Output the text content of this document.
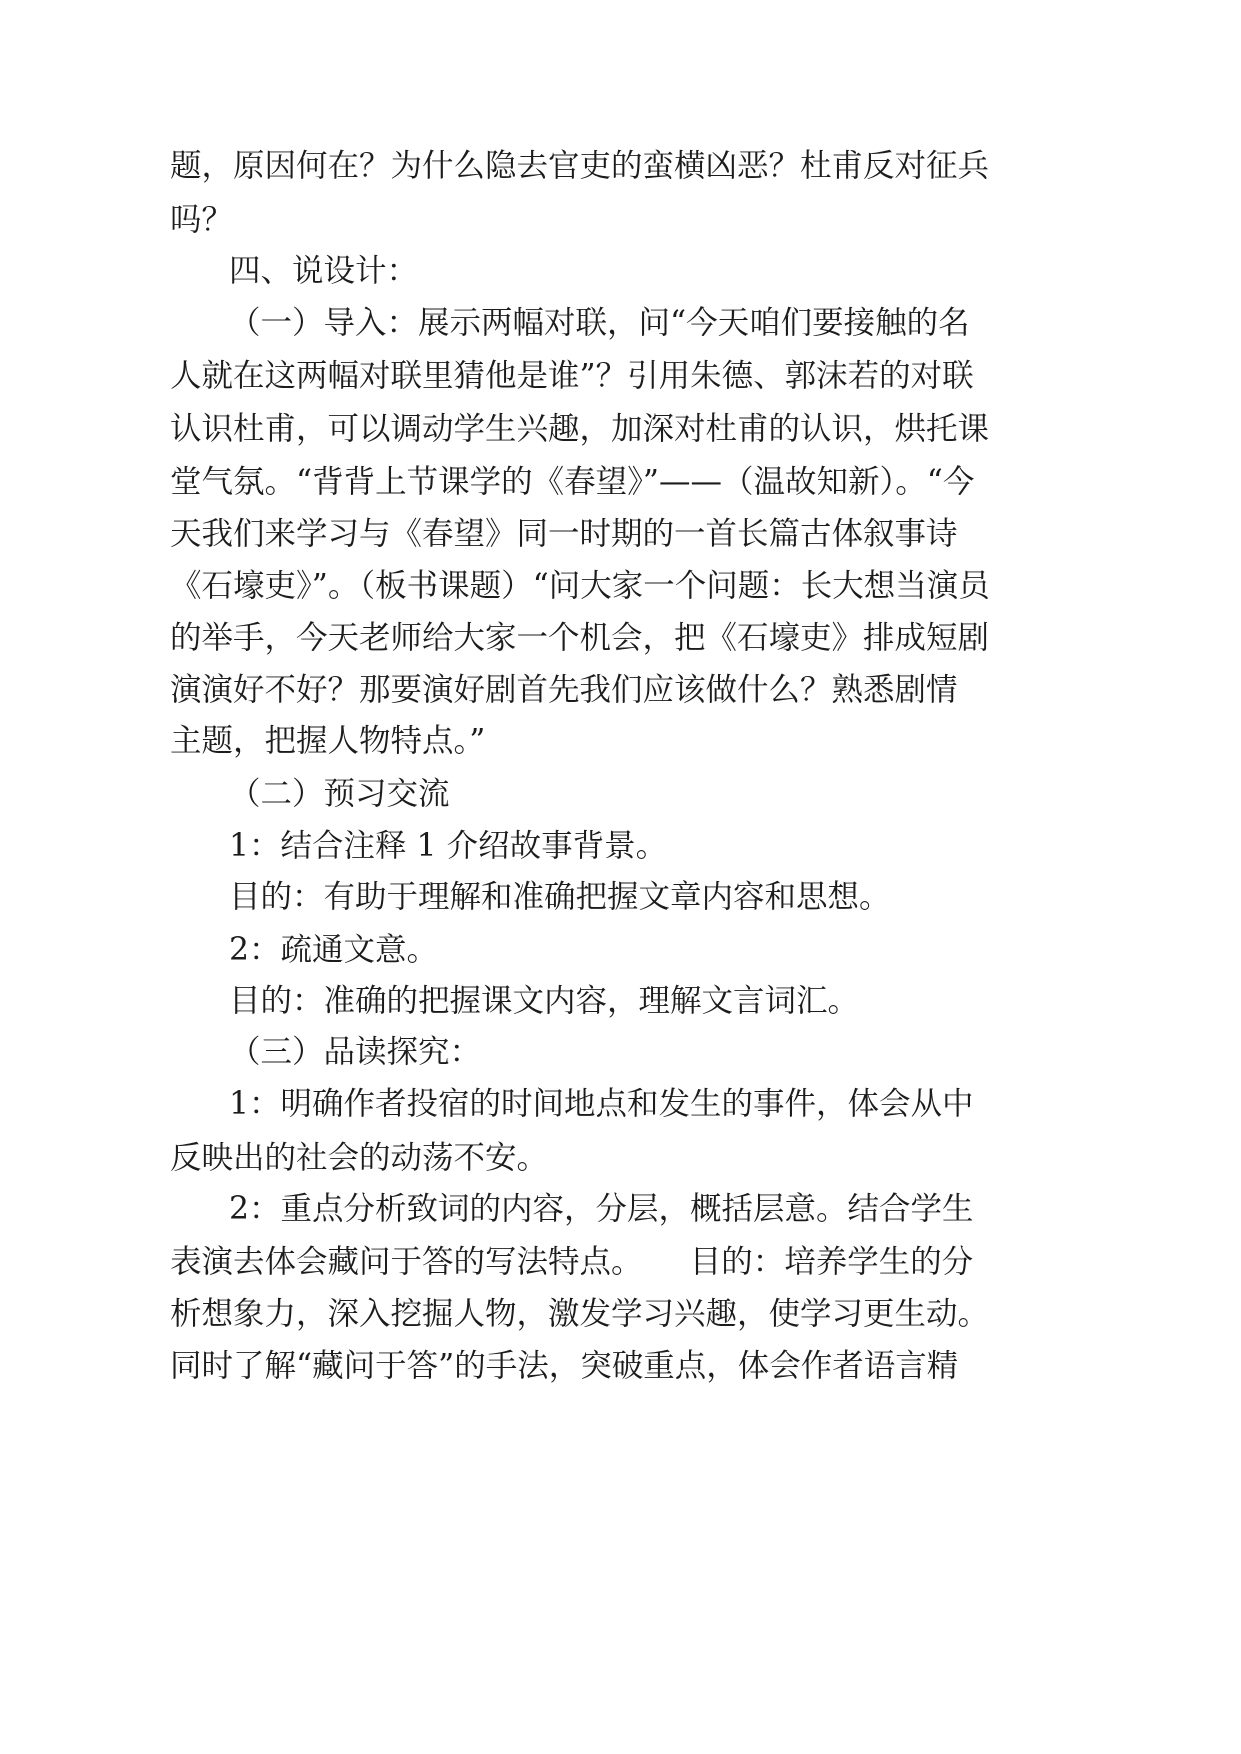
题，原因何在？为什么隐去官吏的蛮横凶恶？杜甫反对征兵

吗？

四、说设计：

（一）导入：展示两幅对联，问“今天咱们要接触的名

人就在这两幅对联里猜他是谁”？引用朱德、郭沫若的对联

认识杜甫，可以调动学生兴趣，加深对杜甫的认识，烘托课

堂气氛。“背背上节课学的《春望》”——（温故知新）。“今

天我们来学习与《春望》同一时期的一首长篇古体叙事诗

《石壕吏》”。（板书课题）“问大家一个问题：长大想当演员

的举手，今天老师给大家一个机会，把《石壕吏》排成短剧

演演好不好？那要演好剧首先我们应该做什么？熟悉剧情

主题，把握人物特点。”

（二）预习交流

1：结合注释 1 介绍故事背景。

目的：有助于理解和准确把握文章内容和思想。

2：疏通文意。

目的：准确的把握课文内容，理解文言词汇。

（三）品读探究：

1：明确作者投宿的时间地点和发生的事件，体会从中

反映出的社会的动荡不安。

2：重点分析致词的内容，分层，概括层意。结合学生

表演去体会藏问于答的写法特点。　　目的：培养学生的分

析想象力，深入挖掘人物，激发学习兴趣，使学习更生动。

同时了解“藏问于答”的手法，突破重点，体会作者语言精
